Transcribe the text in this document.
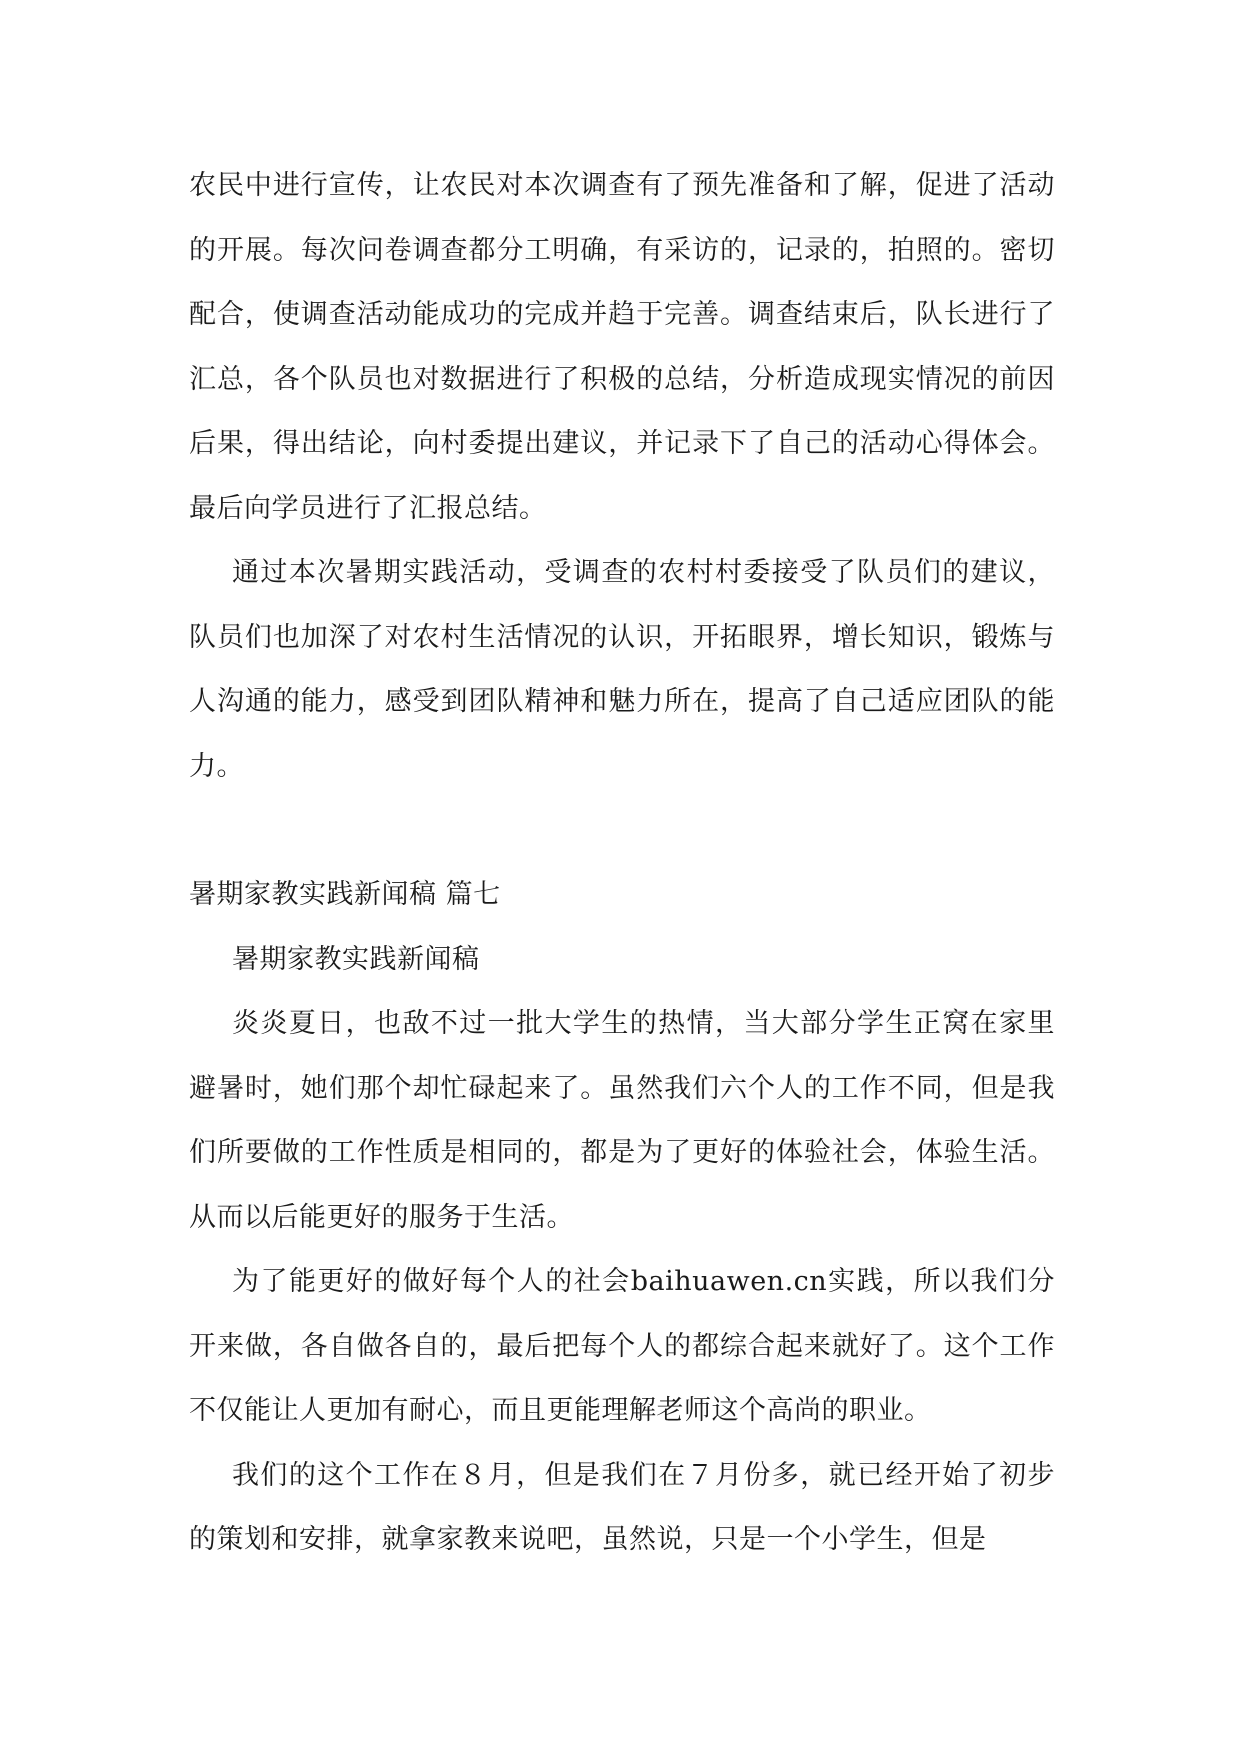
农民中进行宣传，让农民对本次调查有了预先准备和了解，促进了活动的开展。每次问卷调查都分工明确，有采访的，记录的，拍照的。密切配合，使调查活动能成功的完成并趋于完善。调查结束后，队长进行了汇总，各个队员也对数据进行了积极的总结，分析造成现实情况的前因后果，得出结论，向村委提出建议，并记录下了自己的活动心得体会。最后向学员进行了汇报总结。

通过本次暑期实践活动，受调查的农村村委接受了队员们的建议，队员们也加深了对农村生活情况的认识，开拓眼界，增长知识，锻炼与人沟通的能力，感受到团队精神和魅力所在，提高了自己适应团队的能力。

暑期家教实践新闻稿 篇七

暑期家教实践新闻稿

炎炎夏日，也敌不过一批大学生的热情，当大部分学生正窝在家里避暑时，她们那个却忙碌起来了。虽然我们六个人的工作不同，但是我们所要做的工作性质是相同的，都是为了更好的体验社会，体验生活。从而以后能更好的服务于生活。

为了能更好的做好每个人的社会baihuawen.cn实践，所以我们分开来做，各自做各自的，最后把每个人的都综合起来就好了。这个工作不仅能让人更加有耐心，而且更能理解老师这个高尚的职业。

我们的这个工作在８月，但是我们在７月份多，就已经开始了初步的策划和安排，就拿家教来说吧，虽然说，只是一个小学生，但是
